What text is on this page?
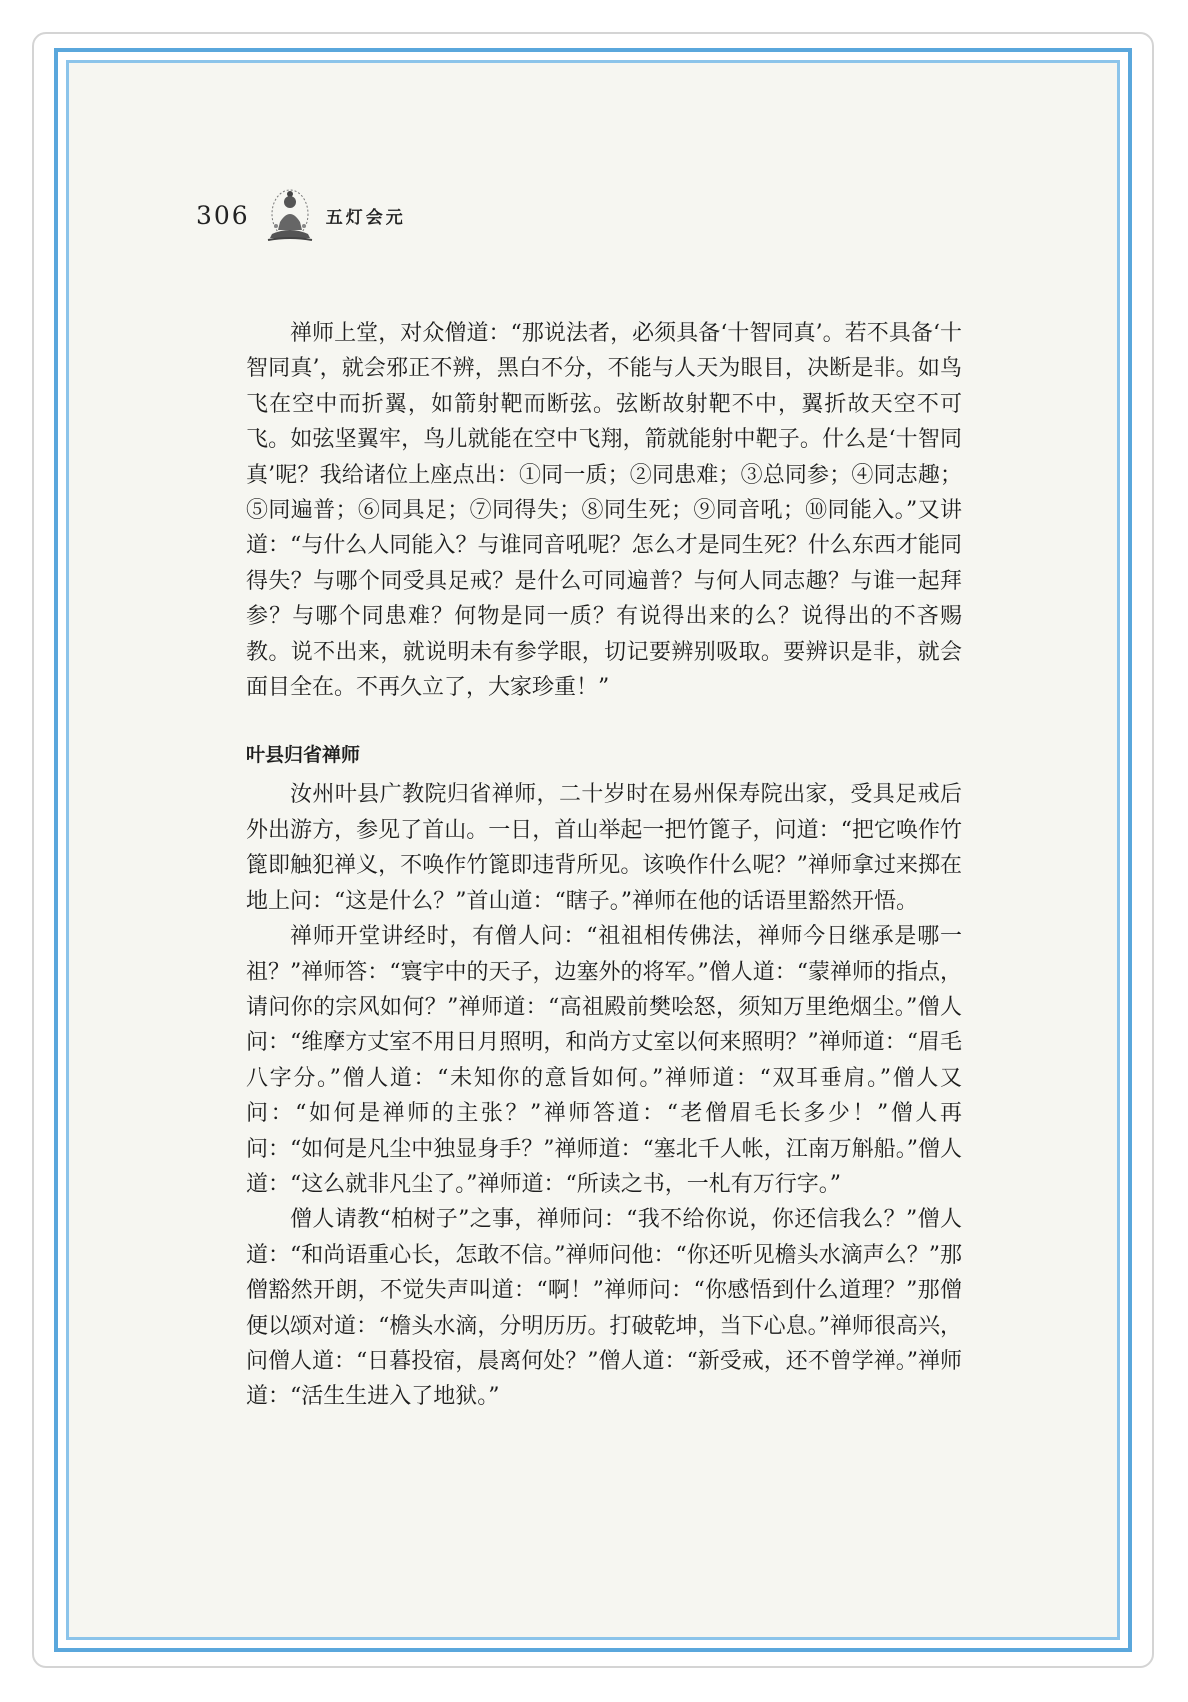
306	五灯会元

禅师上堂，对众僧道：“那说法者，必须具备‘十智同真’。若不具备‘十智同真’，就会邪正不辨，黑白不分，不能与人天为眼目，决断是非。如鸟飞在空中而折翼，如箭射靶而断弦。弦断故射靶不中，翼折故天空不可飞。如弦坚翼牢，鸟儿就能在空中飞翔，箭就能射中靶子。什么是‘十智同真’呢？我给诸位上座点出：①同一质；②同患难；③总同参；④同志趣；⑤同遍普；⑥同具足；⑦同得失；⑧同生死；⑨同音吼；⑩同能入。”又讲道：“与什么人同能入？与谁同音吼呢？怎么才是同生死？什么东西才能同得失？与哪个同受具足戒？是什么可同遍普？与何人同志趣？与谁一起拜参？与哪个同患难？何物是同一质？有说得出来的么？说得出的不吝赐教。说不出来，就说明未有参学眼，切记要辨别吸取。要辨识是非，就会面目全在。不再久立了，大家珍重！”

叶县归省禅师

汝州叶县广教院归省禅师，二十岁时在易州保寿院出家，受具足戒后外出游方，参见了首山。一日，首山举起一把竹篦子，问道：“把它唤作竹篦即触犯禅义，不唤作竹篦即违背所见。该唤作什么呢？”禅师拿过来掷在地上问：“这是什么？”首山道：“瞎子。”禅师在他的话语里豁然开悟。

禅师开堂讲经时，有僧人问：“祖祖相传佛法，禅师今日继承是哪一祖？”禅师答：“寰宇中的天子，边塞外的将军。”僧人道：“蒙禅师的指点，请问你的宗风如何？”禅师道：“高祖殿前樊哙怒，须知万里绝烟尘。”僧人问：“维摩方丈室不用日月照明，和尚方丈室以何来照明？”禅师道：“眉毛八字分。”僧人道：“未知你的意旨如何。”禅师道：“双耳垂肩。”僧人又问：“如何是禅师的主张？”禅师答道：“老僧眉毛长多少！”僧人再问：“如何是凡尘中独显身手？”禅师道：“塞北千人帐，江南万斛船。”僧人道：“这么就非凡尘了。”禅师道：“所读之书，一札有万行字。”

僧人请教“柏树子”之事，禅师问：“我不给你说，你还信我么？”僧人道：“和尚语重心长，怎敢不信。”禅师问他：“你还听见檐头水滴声么？”那僧豁然开朗，不觉失声叫道：“啊！”禅师问：“你感悟到什么道理？”那僧便以颂对道：“檐头水滴，分明历历。打破乾坤，当下心息。”禅师很高兴，问僧人道：“日暮投宿，晨离何处？”僧人道：“新受戒，还不曾学禅。”禅师道：“活生生进入了地狱。”
